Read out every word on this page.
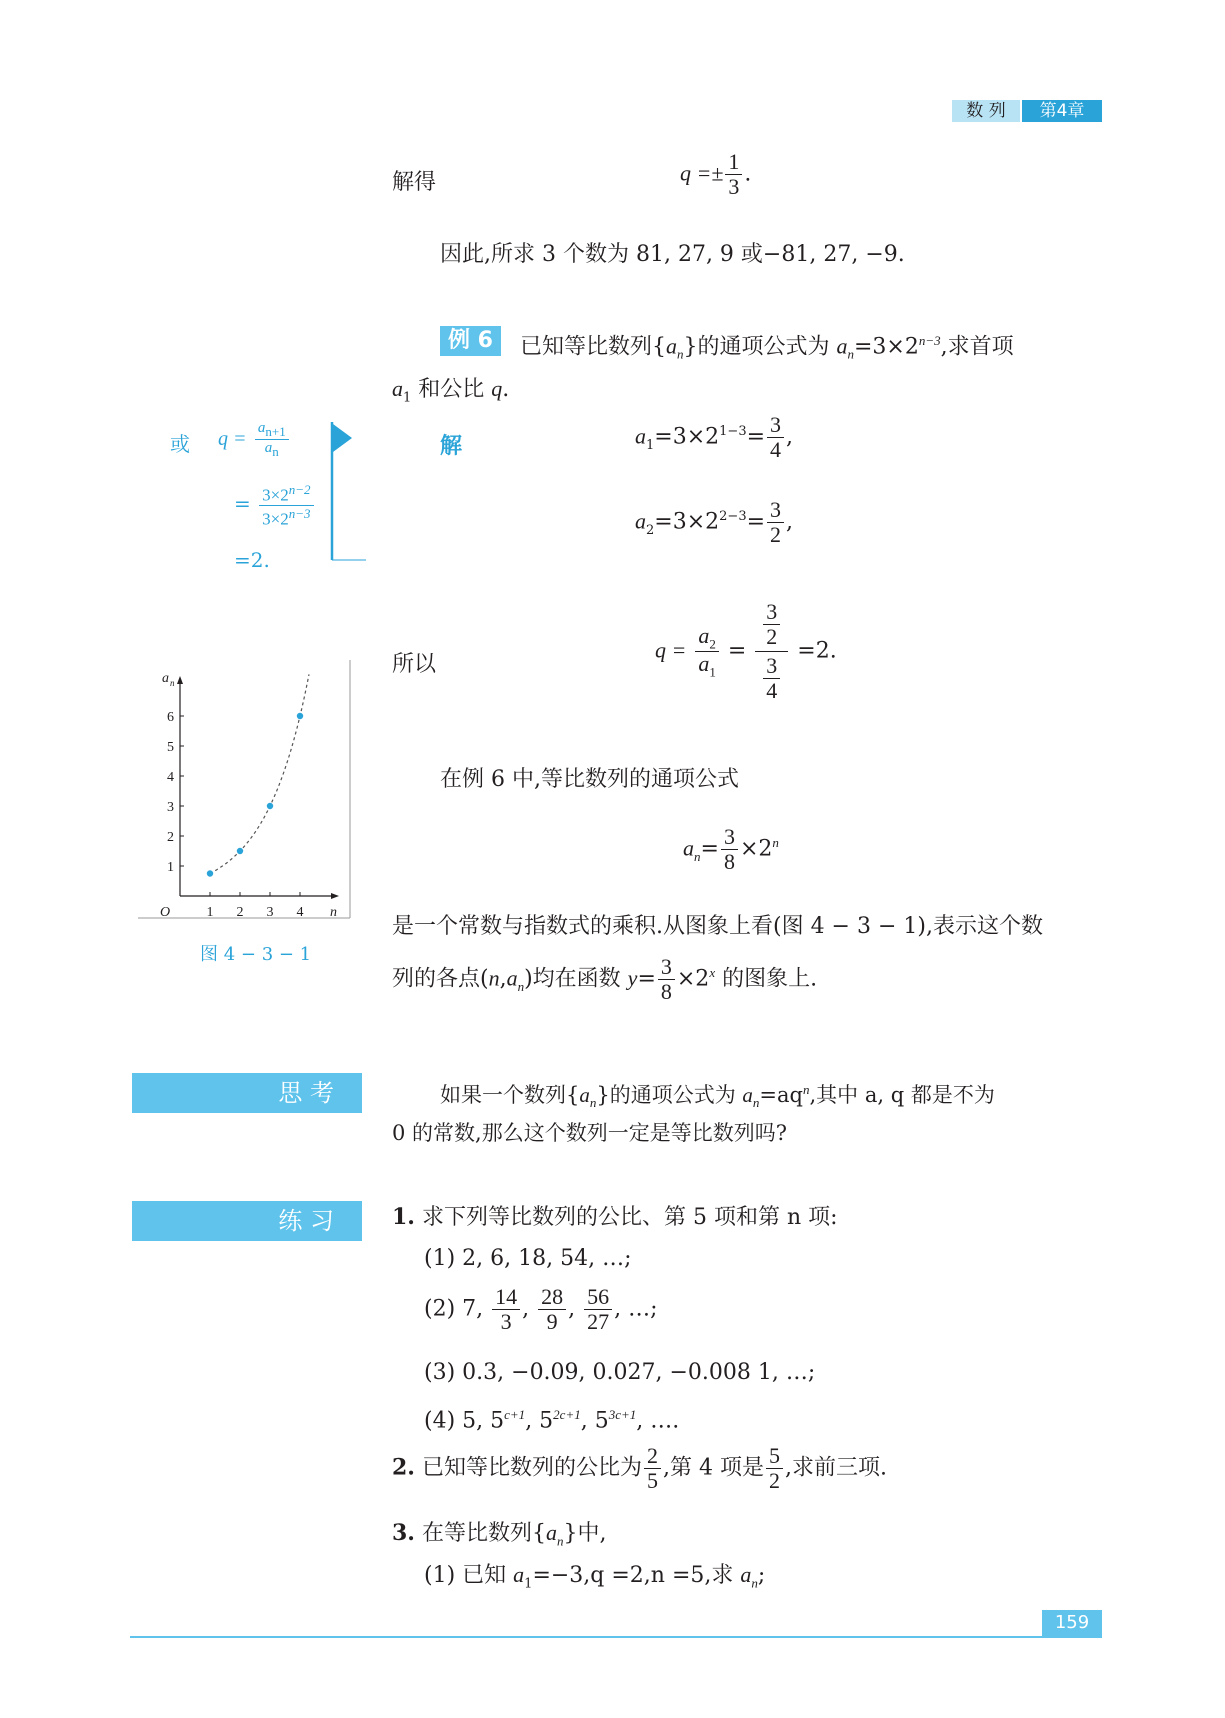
数 列	第4章
解得	$q =\pm \frac{1}{3}$ .
因此,所求 3 个数为 81, 27, 9 或−81, 27, −9.
例 6	已知等比数列$\{a_n\}$的通项公式为 $a_n=3\times 2^{n-3}$,求首项
$a_1$ 和公比 q.
或 $q = \frac{a_{n+1}}{a_n}$
= $\frac{3\times 2^{n-2}}{3\times 2^{n-3}}$
=2.
解	$a_1=3\times 2^{1-3}= \frac{3}{4}$ ,
$a_2=3\times 2^{2-3}= \frac{3}{2}$ ,
所以
$q = \frac{a_2}{a_1} = \frac{\frac{3}{2}}{\frac{3}{4}} =2$.
在例 6 中,等比数列的通项公式
$a_n= \frac{3}{8} \times 2^n$
是一个常数与指数式的乘积.从图象上看(图 4 − 3 − 1),表示这个数
列的各点$(n,a_n)$均在函数 $y= \frac{3}{8} \times 2^x$ 的图象上.
1
2
3
4
5
6
1 2 3 4
O	n
a n
图 4 − 3 − 1
思 考	如果一个数列$\{a_n\}$的通项公式为 $a_n=aq^n$,其中 a, q 都是不为
0 的常数,那么这个数列一定是等比数列吗?
练 习	1. 求下列等比数列的公比、第 5 项和第 n 项:
(1) 2, 6, 18, 54, …;
(2) 7, $\frac{14}{3}$ , $\frac{28}{9}$ , $\frac{56}{27}$ , …;
(3) 0.3, −0.09, 0.027, −0.008 1, …;
(4) 5, $5^{c+1}$, $5^{2c+1}$, $5^{3c+1}$, ….
2. 已知等比数列的公比为 $\frac{2}{5}$ ,第 4 项是 $\frac{5}{2}$ ,求前三项.
3. 在等比数列$\{a_n\}$中,
(1) 已知 $a_1=-3,q =2,n =5$,求 $a_n$;
159
